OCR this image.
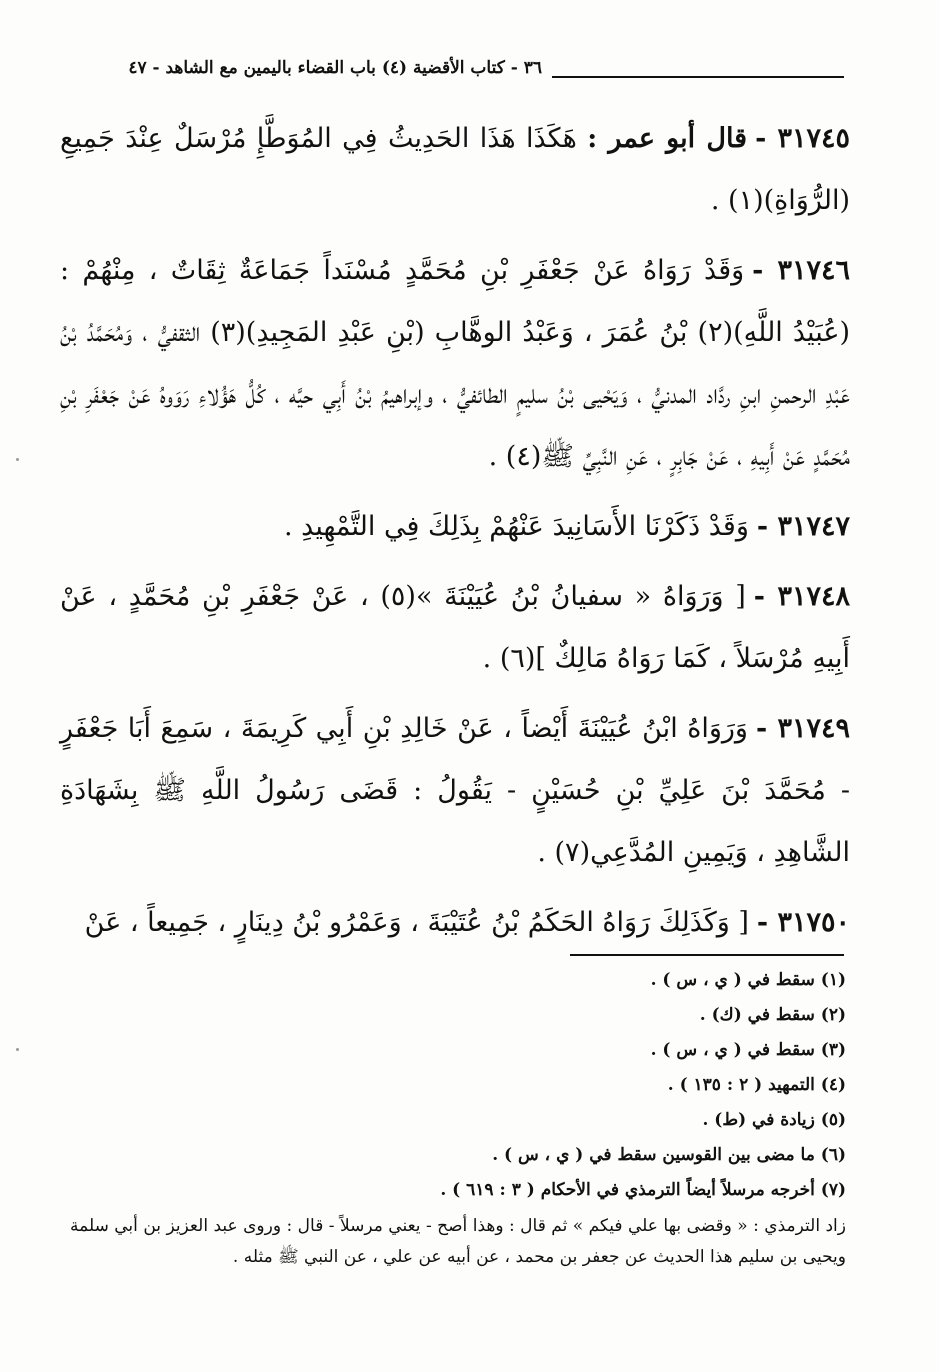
٣٦ - كتاب الأقضية (٤) باب القضاء باليمين مع الشاهد - ٤٧

٣١٧٤٥ -قال أبو عمر : هَكَذَا هَذَا الحَدِيثُ فِي المُوَطَّإِ مُرْسَلٌ عِنْدَ جَمِيعِ (الرُّوَاةِ)(١) .

٣١٧٤٦ -وَقَدْ رَوَاهُ عَنْ جَعْفَرِ بْنِ مُحَمَّدٍ مُسْنَداً جَمَاعَةٌ ثِقَاتٌ ، مِنْهُمْ : (عُبَيْدُ اللَّهِ)(٢) بْنُ عُمَرَ ، وَعَبْدُ الوهَّابِ (بْنِ عَبْدِ المَجِيدِ)(٣) الثقفيُّ ، وَمُحَمَّدُ بْنُ عَبْدِ الرحمنِ ابنِ ردَّاد المدنيُّ ، وَيَحْيى بْنُ سليمٍ الطائفيُّ ، وإبراهيمُ بْنُ أَبِي حيَّه ، كُلُّ هَؤُلاءِ رَوَوهُ عَنْ جَعْفَرِ بْنِ مُحَمَّدٍ عَنْ أَبِيهِ ، عَنْ جَابِرٍ ، عَنِ النَّبِيِّ ﷺ(٤) .

٣١٧٤٧ -وَقَدْ ذَكَرْنَا الأَسَانِيدَ عَنْهُمْ بِذَلِكَ فِي التَّمْهِيدِ .

٣١٧٤٨ -[ وَرَوَاهُ « سفيانُ بْنُ عُيَيْنَةَ »(٥) ، عَنْ جَعْفَرِ بْنِ مُحَمَّدٍ ، عَنْ أَبِيهِ مُرْسَلاً ، كَمَا رَوَاهُ مَالِكٌ ](٦) .

٣١٧٤٩ -وَرَوَاهُ ابْنُ عُيَيْنَةَ أَيْضاً ، عَنْ خَالِدِ بْنِ أَبِي كَرِيمَةَ ، سَمِعَ أَبَا جَعْفَرٍ - مُحَمَّدَ بْنَ عَلِيِّ بْنِ حُسَيْنٍ - يَقُولُ : قَضَى رَسُولُ اللَّهِ ﷺ بِشَهَادَةِ الشَّاهِدِ ، وَيَمِينِ المُدَّعِي(٧) .

٣١٧٥٠ -[ وَكَذَلِكَ رَوَاهُ الحَكَمُ بْنُ عُتَيْبَةَ ، وَعَمْرُو بْنُ دِينَارٍ ، جَمِيعاً ، عَنْ

(١) سقط في ( ي ، س ) .
(٢) سقط في (ك) .
(٣) سقط في ( ي ، س ) .
(٤) التمهيد ( ٢ : ١٣٥ ) .
(٥) زيادة في (ط) .
(٦) ما مضى بين القوسين سقط في ( ي ، س ) .
(٧) أخرجه مرسلاً أيضاً الترمذي في الأحكام ( ٣ : ٦١٩ ) .
زاد الترمذي : « وقضى بها علي فيكم » ثم قال : وهذا أصح - يعني مرسلاً - قال : وروى عبد العزيز بن أبي سلمة ويحيى بن سليم هذا الحديث عن جعفر بن محمد ، عن أبيه عن علي ، عن النبي ﷺ مثله .
